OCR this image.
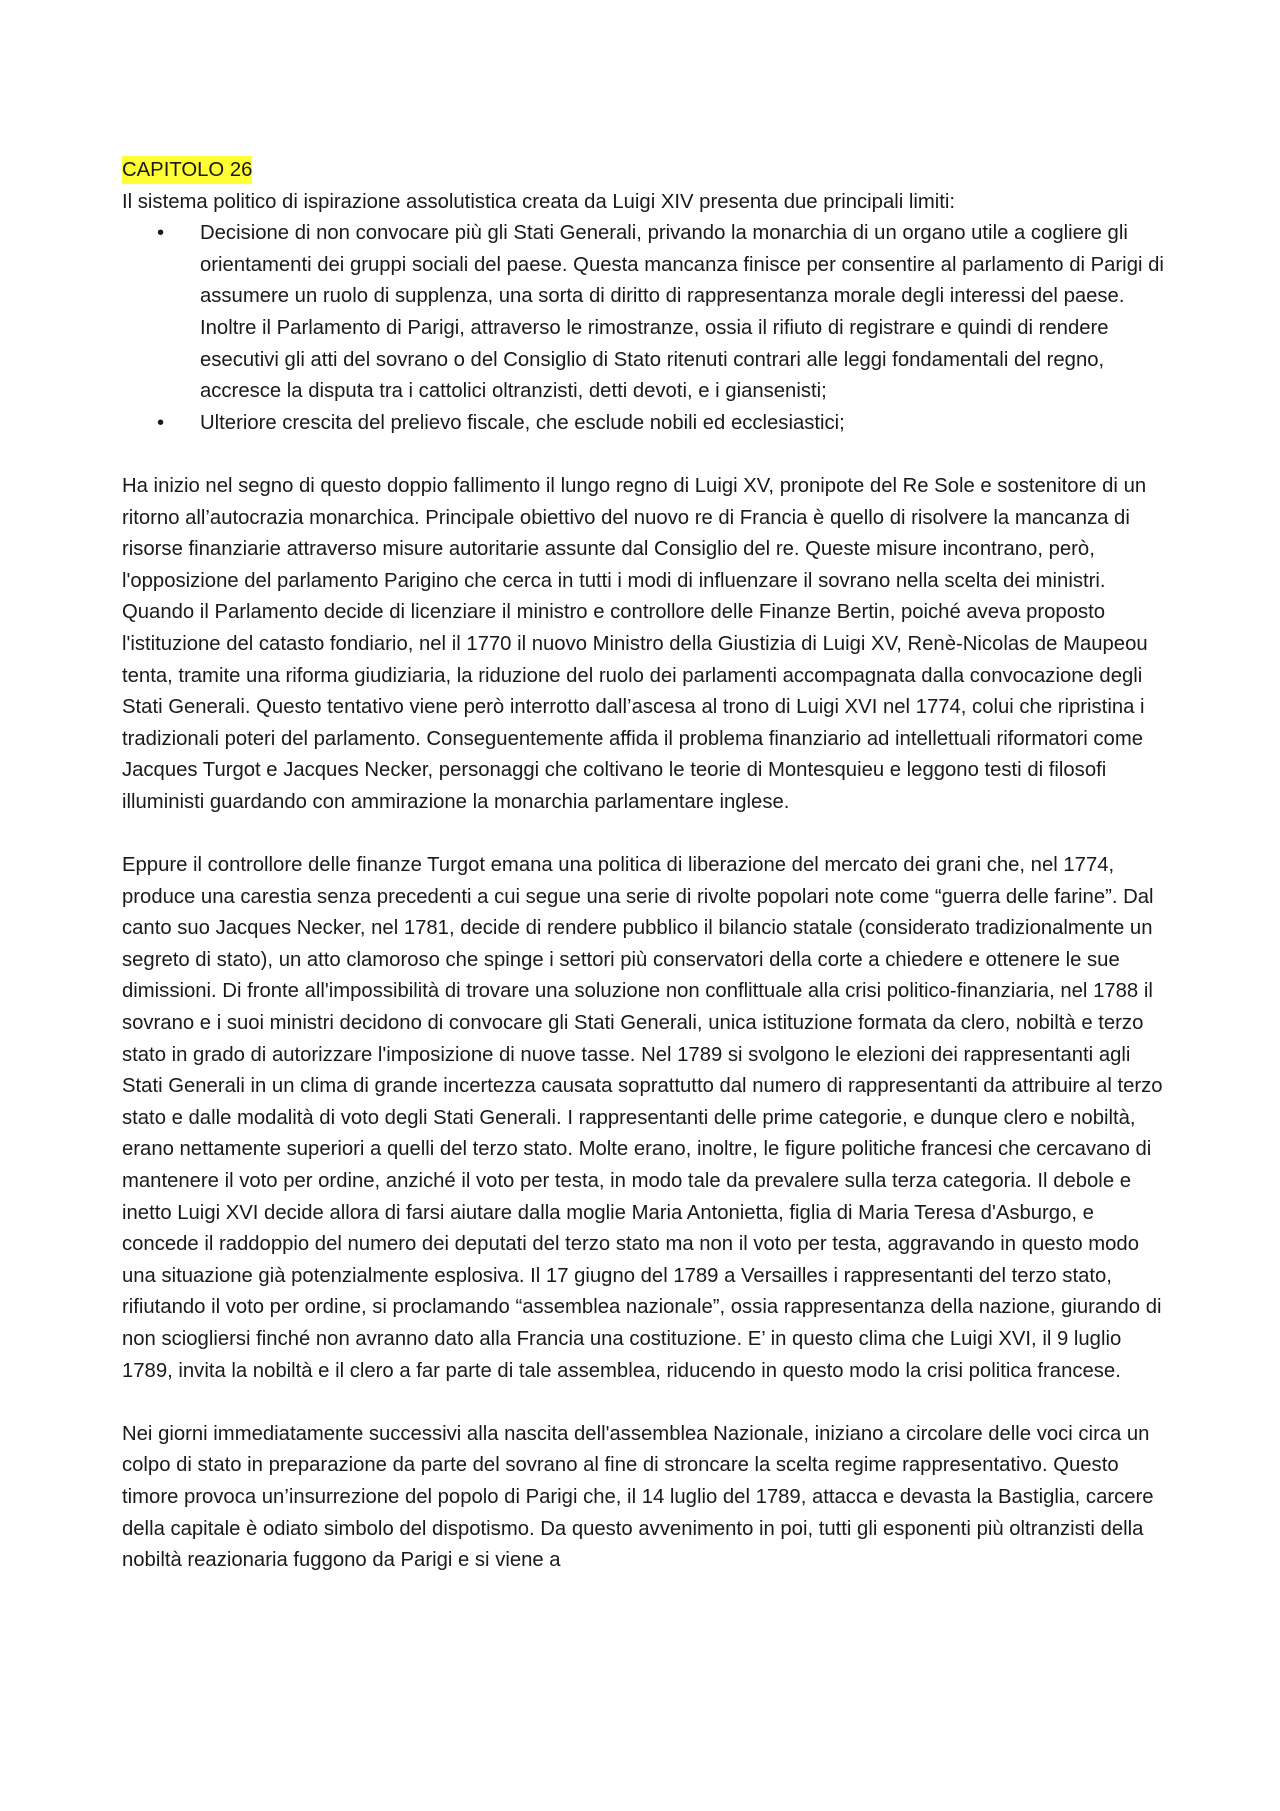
CAPITOLO 26

Il sistema politico di ispirazione assolutistica creata da Luigi XIV presenta due principali limiti:

• Decisione di non convocare più gli Stati Generali, privando la monarchia di un organo utile a cogliere gli orientamenti dei gruppi sociali del paese. Questa mancanza finisce per consentire al parlamento di Parigi di assumere un ruolo di supplenza, una sorta di diritto di rappresentanza morale degli interessi del paese. Inoltre il Parlamento di Parigi, attraverso le rimostranze, ossia il rifiuto di registrare e quindi di rendere esecutivi gli atti del sovrano o del Consiglio di Stato ritenuti contrari alle leggi fondamentali del regno, accresce la disputa tra i cattolici oltranzisti, detti devoti, e i giansenisti;
• Ulteriore crescita del prelievo fiscale, che esclude nobili ed ecclesiastici;

Ha inizio nel segno di questo doppio fallimento il lungo regno di Luigi XV, pronipote del Re Sole e sostenitore di un ritorno all’autocrazia monarchica. Principale obiettivo del nuovo re di Francia è quello di risolvere la mancanza di risorse finanziarie attraverso misure autoritarie assunte dal Consiglio del re. Queste misure incontrano, però, l'opposizione del parlamento Parigino che cerca in tutti i modi di influenzare il sovrano nella scelta dei ministri. Quando il Parlamento decide di licenziare il ministro e controllore delle Finanze Bertin, poiché aveva proposto l'istituzione del catasto fondiario, nel il 1770 il nuovo Ministro della Giustizia di Luigi XV, Renè-Nicolas de Maupeou tenta, tramite una riforma giudiziaria, la riduzione del ruolo dei parlamenti accompagnata dalla convocazione degli Stati Generali. Questo tentativo viene però interrotto dall’ascesa al trono di Luigi XVI nel 1774, colui che ripristina i tradizionali poteri del parlamento. Conseguentemente affida il problema finanziario ad intellettuali riformatori come Jacques Turgot e Jacques Necker, personaggi che coltivano le teorie di Montesquieu e leggono testi di filosofi illuministi guardando con ammirazione la monarchia parlamentare inglese.

Eppure il controllore delle finanze Turgot emana una politica di liberazione del mercato dei grani che, nel 1774, produce una carestia senza precedenti a cui segue una serie di rivolte popolari note come “guerra delle farine”. Dal canto suo Jacques Necker, nel 1781, decide di rendere pubblico il bilancio statale (considerato tradizionalmente un segreto di stato), un atto clamoroso che spinge i settori più conservatori della corte a chiedere e ottenere le sue dimissioni. Di fronte all'impossibilità di trovare una soluzione non conflittuale alla crisi politico-finanziaria, nel 1788 il sovrano e i suoi ministri decidono di convocare gli Stati Generali, unica istituzione formata da clero, nobiltà e terzo stato in grado di autorizzare l'imposizione di nuove tasse. Nel 1789 si svolgono le elezioni dei rappresentanti agli Stati Generali in un clima di grande incertezza causata soprattutto dal numero di rappresentanti da attribuire al terzo stato e dalle modalità di voto degli Stati Generali. I rappresentanti delle prime categorie, e dunque clero e nobiltà, erano nettamente superiori a quelli del terzo stato. Molte erano, inoltre, le figure politiche francesi che cercavano di mantenere il voto per ordine, anziché il voto per testa, in modo tale da prevalere sulla terza categoria. Il debole e inetto Luigi XVI decide allora di farsi aiutare dalla moglie Maria Antonietta, figlia di Maria Teresa d'Asburgo, e concede il raddoppio del numero dei deputati del terzo stato ma non il voto per testa, aggravando in questo modo una situazione già potenzialmente esplosiva. Il 17 giugno del 1789 a Versailles i rappresentanti del terzo stato, rifiutando il voto per ordine, si proclamando “assemblea nazionale”, ossia rappresentanza della nazione, giurando di non sciogliersi finché non avranno dato alla Francia una costituzione. E’ in questo clima che Luigi XVI, il 9 luglio 1789, invita la nobiltà e il clero a far parte di tale assemblea, riducendo in questo modo la crisi politica francese.

Nei giorni immediatamente successivi alla nascita dell'assemblea Nazionale, iniziano a circolare delle voci circa un colpo di stato in preparazione da parte del sovrano al fine di stroncare la scelta regime rappresentativo. Questo timore provoca un’insurrezione del popolo di Parigi che, il 14 luglio del 1789, attacca e devasta la Bastiglia, carcere della capitale è odiato simbolo del dispotismo. Da questo avvenimento in poi, tutti gli esponenti più oltranzisti della nobiltà reazionaria fuggono da Parigi e si viene a
